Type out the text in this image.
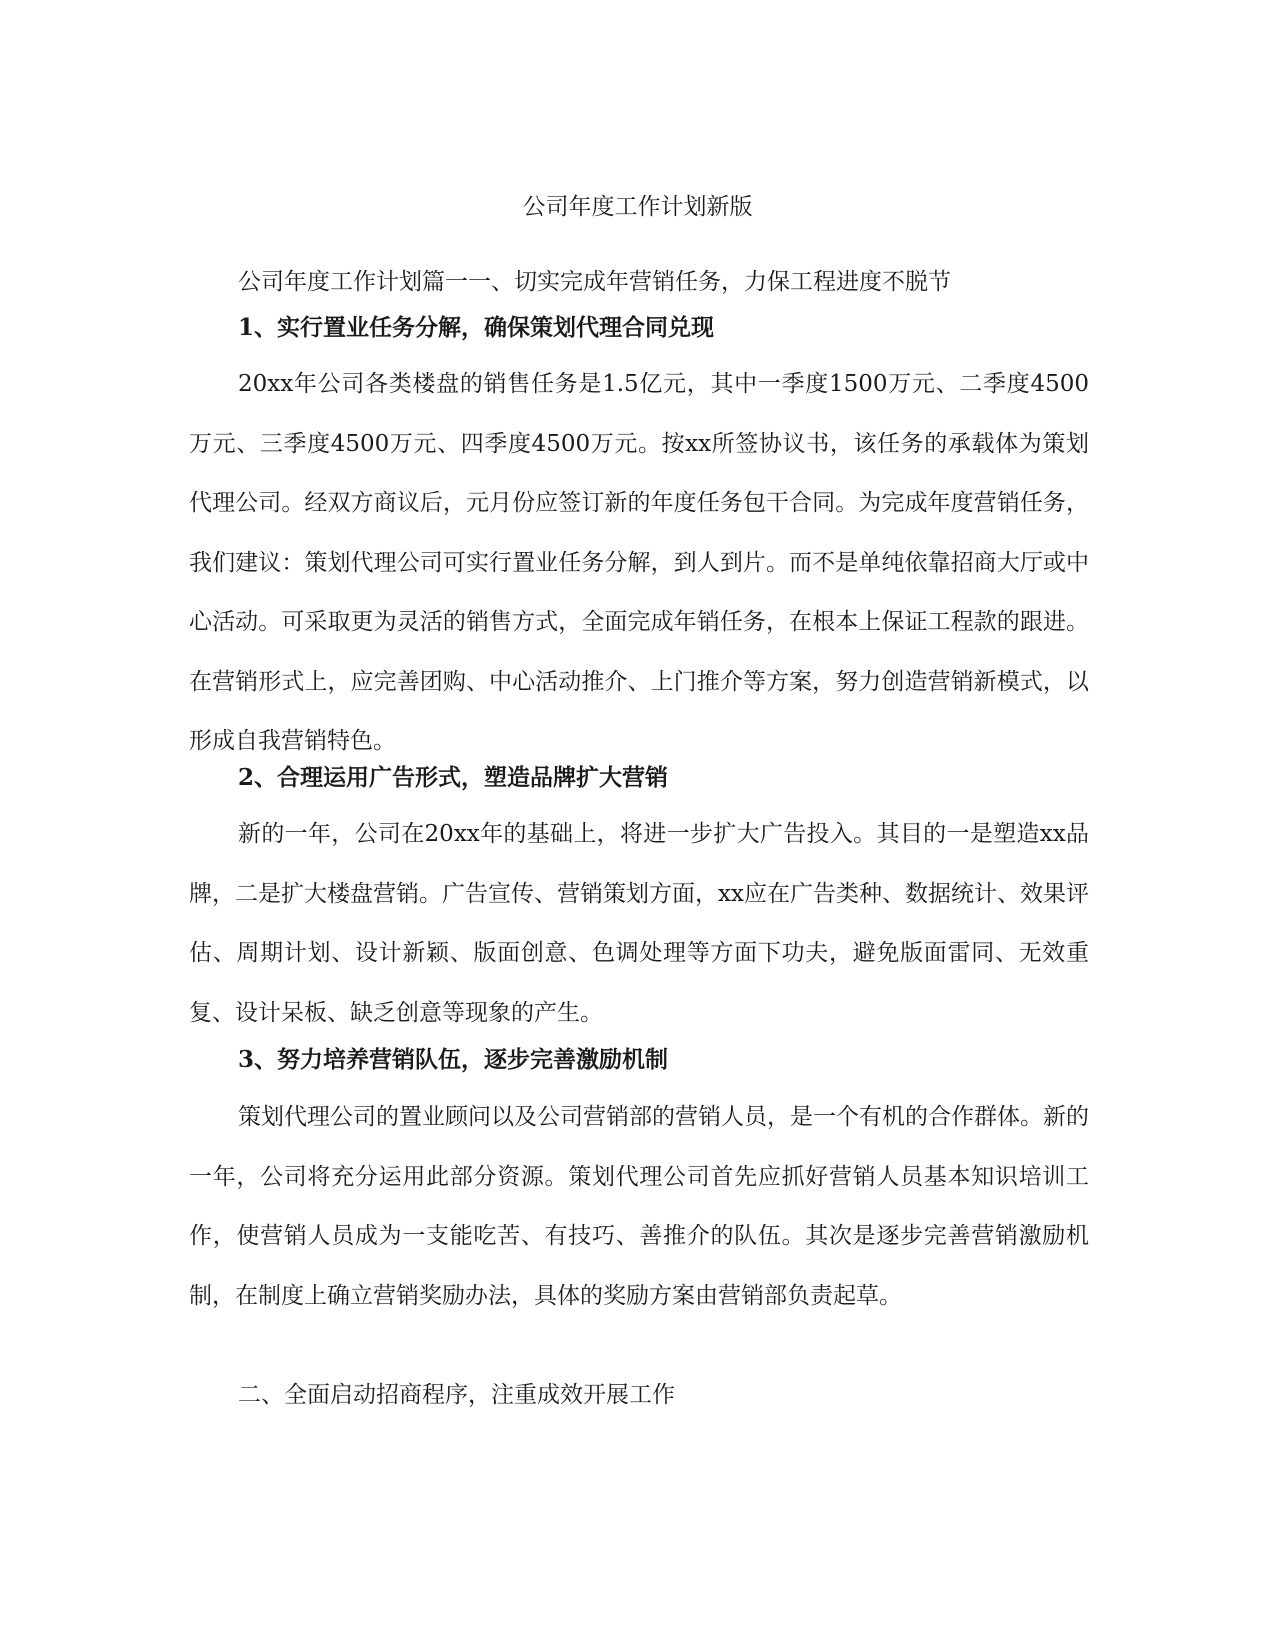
公司年度工作计划新版
公司年度工作计划篇一一、切实完成年营销任务，力保工程进度不脱节
1、实行置业任务分解，确保策划代理合同兑现

20xx年公司各类楼盘的销售任务是1.5亿元，其中一季度1500万元、二季度4500万元、三季度4500万元、四季度4500万元。按xx所签协议书，该任务的承载体为策划代理公司。经双方商议后，元月份应签订新的年度任务包干合同。为完成年度营销任务，我们建议：策划代理公司可实行置业任务分解，到人到片。而不是单纯依靠招商大厅或中心活动。可采取更为灵活的销售方式，全面完成年销任务，在根本上保证工程款的跟进。在营销形式上，应完善团购、中心活动推介、上门推介等方案，努力创造营销新模式，以形成自我营销特色。

2、合理运用广告形式，塑造品牌扩大营销

新的一年，公司在20xx年的基础上，将进一步扩大广告投入。其目的一是塑造xx品牌，二是扩大楼盘营销。广告宣传、营销策划方面，xx应在广告类种、数据统计、效果评估、周期计划、设计新颖、版面创意、色调处理等方面下功夫，避免版面雷同、无效重复、设计呆板、缺乏创意等现象的产生。

3、努力培养营销队伍，逐步完善激励机制

策划代理公司的置业顾问以及公司营销部的营销人员，是一个有机的合作群体。新的一年，公司将充分运用此部分资源。策划代理公司首先应抓好营销人员基本知识培训工作，使营销人员成为一支能吃苦、有技巧、善推介的队伍。其次是逐步完善营销激励机制，在制度上确立营销奖励办法，具体的奖励方案由营销部负责起草。

二、全面启动招商程序，注重成效开展工作
